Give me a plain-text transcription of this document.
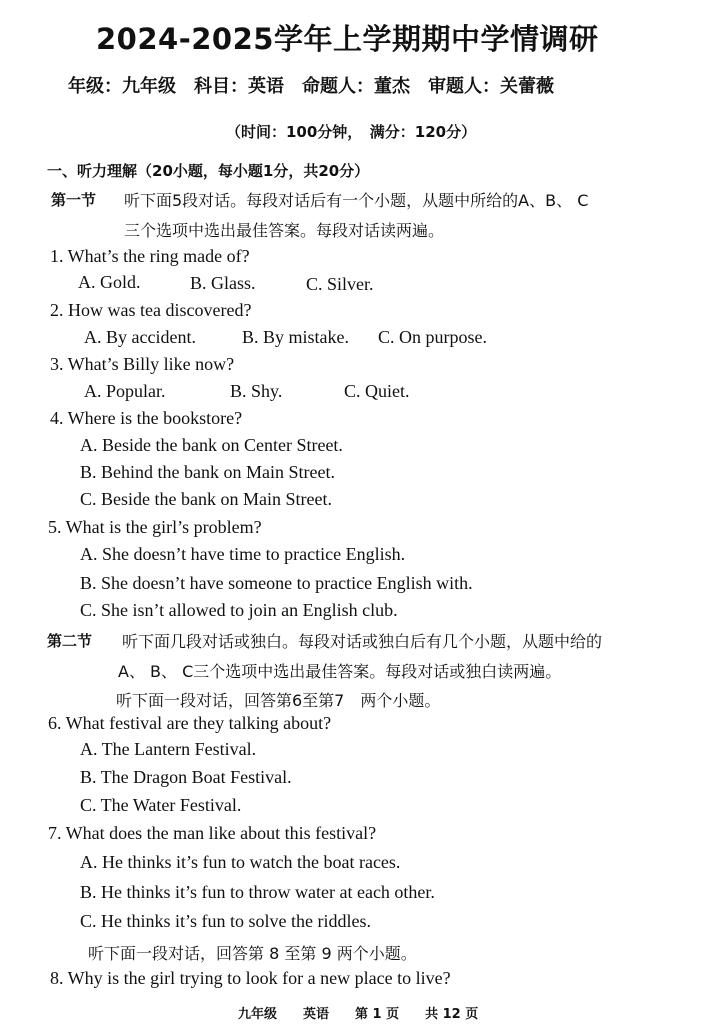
2024-2025学年上学期期中学情调研
年级：九年级　科目：英语　命题人：董杰　审题人：关蕾薇
（时间：100分钟，　满分：120分）
一、听力理解（20小题，每小题1分，共20分）
第一节 听下面5段对话。每段对话后有一个小题，从题中所给的A、B、 C
三个选项中选出最佳答案。每段对话读两遍。
1. What’s the ring made of?
A. Gold.	B. Glass.	C. Silver.
2. How was tea discovered?
A. By accident.	B. By mistake. C. On purpose.
3. What’s Billy like now?
A. Popular.	B. Shy.	C. Quiet.
4. Where is the bookstore?
A. Beside the bank on Center Street.
B. Behind the bank on Main Street.
C. Beside the bank on Main Street.
5. What is the girl’s problem?
A. She doesn’t have time to practice English.
B. She doesn’t have someone to practice English with.
C. She isn’t allowed to join an English club.
第二节 听下面几段对话或独白。每段对话或独白后有几个小题，从题中给的
A、 B、 C三个选项中选出最佳答案。每段对话或独白读两遍。
听下面一段对话，回答第6至第7　两个小题。
6. What festival are they talking about?
A. The Lantern Festival.
B. The Dragon Boat Festival.
C. The Water Festival.
7. What does the man like about this festival?
A. He thinks it’s fun to watch the boat races.
B. He thinks it’s fun to throw water at each other.
C. He thinks it’s fun to solve the riddles.
听下面一段对话，回答第 8 至第 9 两个小题。
8. Why is the girl trying to look for a new place to live?
九年级　　英语　　第 1 页　　共 12 页
